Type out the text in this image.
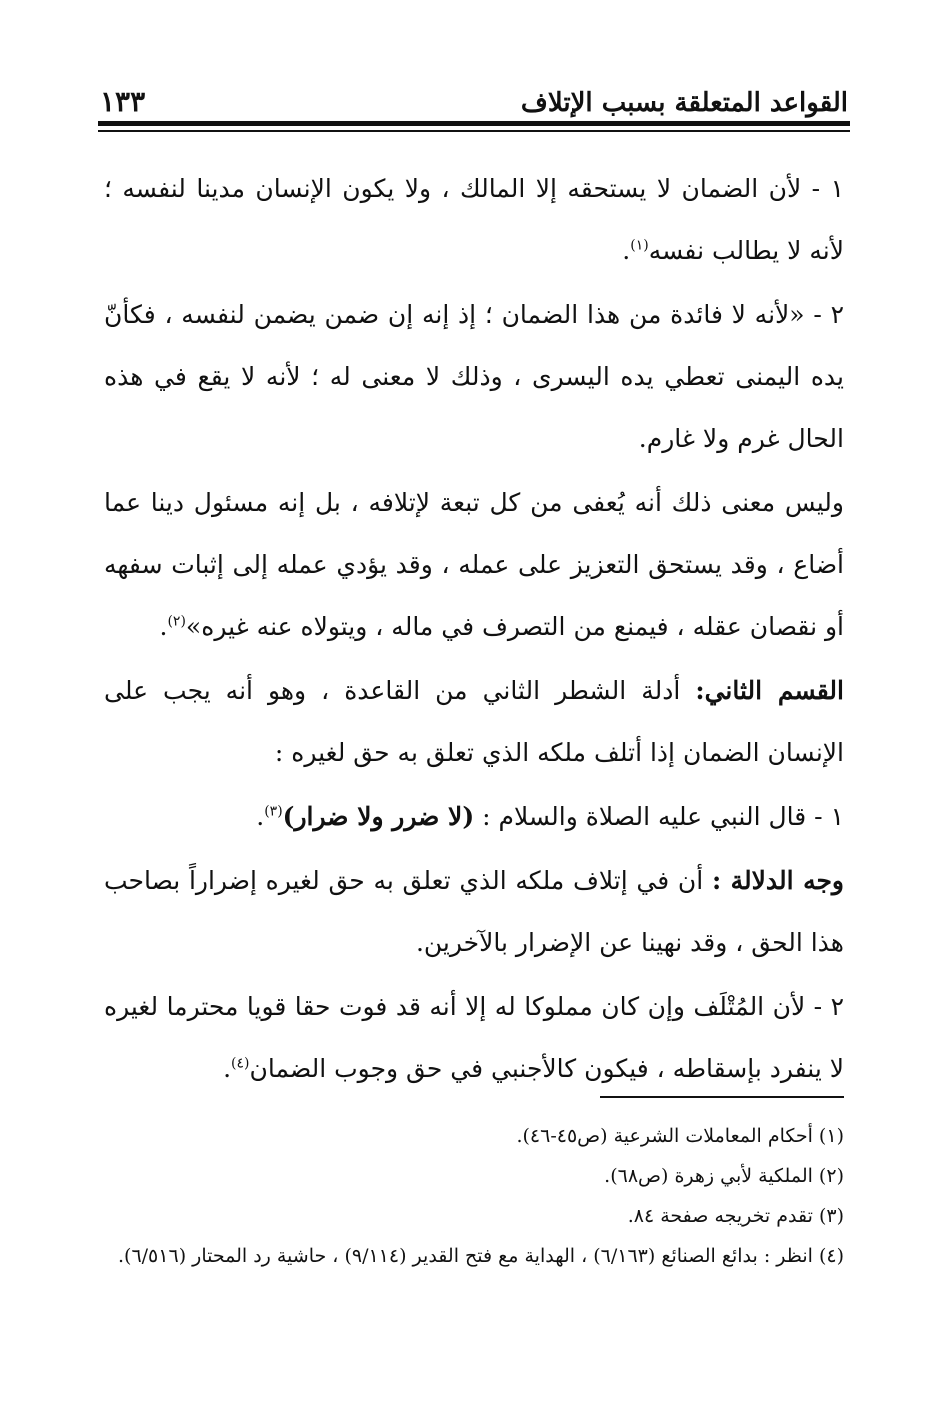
القواعد المتعلقة بسبب الإتلاف
١٣٣

١ - لأن الضمان لا يستحقه إلا المالك ، ولا يكون الإنسان مدينا لنفسه ؛ لأنه لا يطالب نفسه$^{(١)}$.

٢ - «لأنه لا فائدة من هذا الضمان ؛ إذ إنه إن ضمن يضمن لنفسه ، فكأنّ يده اليمنى تعطي يده اليسرى ، وذلك لا معنى له ؛ لأنه لا يقع في هذه الحال غرم ولا غارم.

وليس معنى ذلك أنه يُعفى من كل تبعة لإتلافه ، بل إنه مسئول دينا عما أضاع ، وقد يستحق التعزيز على عمله ، وقد يؤدي عمله إلى إثبات سفهه أو نقصان عقله ، فيمنع من التصرف في ماله ، ويتولاه عنه غيره»$^{(٢)}$.

القسم الثاني: أدلة الشطر الثاني من القاعدة ، وهو أنه يجب على الإنسان الضمان إذا أتلف ملكه الذي تعلق به حق لغيره :

١ - قال النبي عليه الصلاة والسلام : (لا ضرر ولا ضرار)$^{(٣)}$.

وجه الدلالة : أن في إتلاف ملكه الذي تعلق به حق لغيره إضراراً بصاحب هذا الحق ، وقد نهينا عن الإضرار بالآخرين.

٢ - لأن المُتْلَف وإن كان مملوكا له إلا أنه قد فوت حقا قويا محترما لغيره لا ينفرد بإسقاطه ، فيكون كالأجنبي في حق وجوب الضمان$^{(٤)}$.

(١) أحكام المعاملات الشرعية (ص٤٥-٤٦).
(٢) الملكية لأبي زهرة (ص٦٨).
(٣) تقدم تخريجه صفحة ٨٤.
(٤) انظر : بدائع الصنائع (٦/١٦٣) ، الهداية مع فتح القدير (٩/١١٤) ، حاشية رد المحتار (٦/٥١٦).
